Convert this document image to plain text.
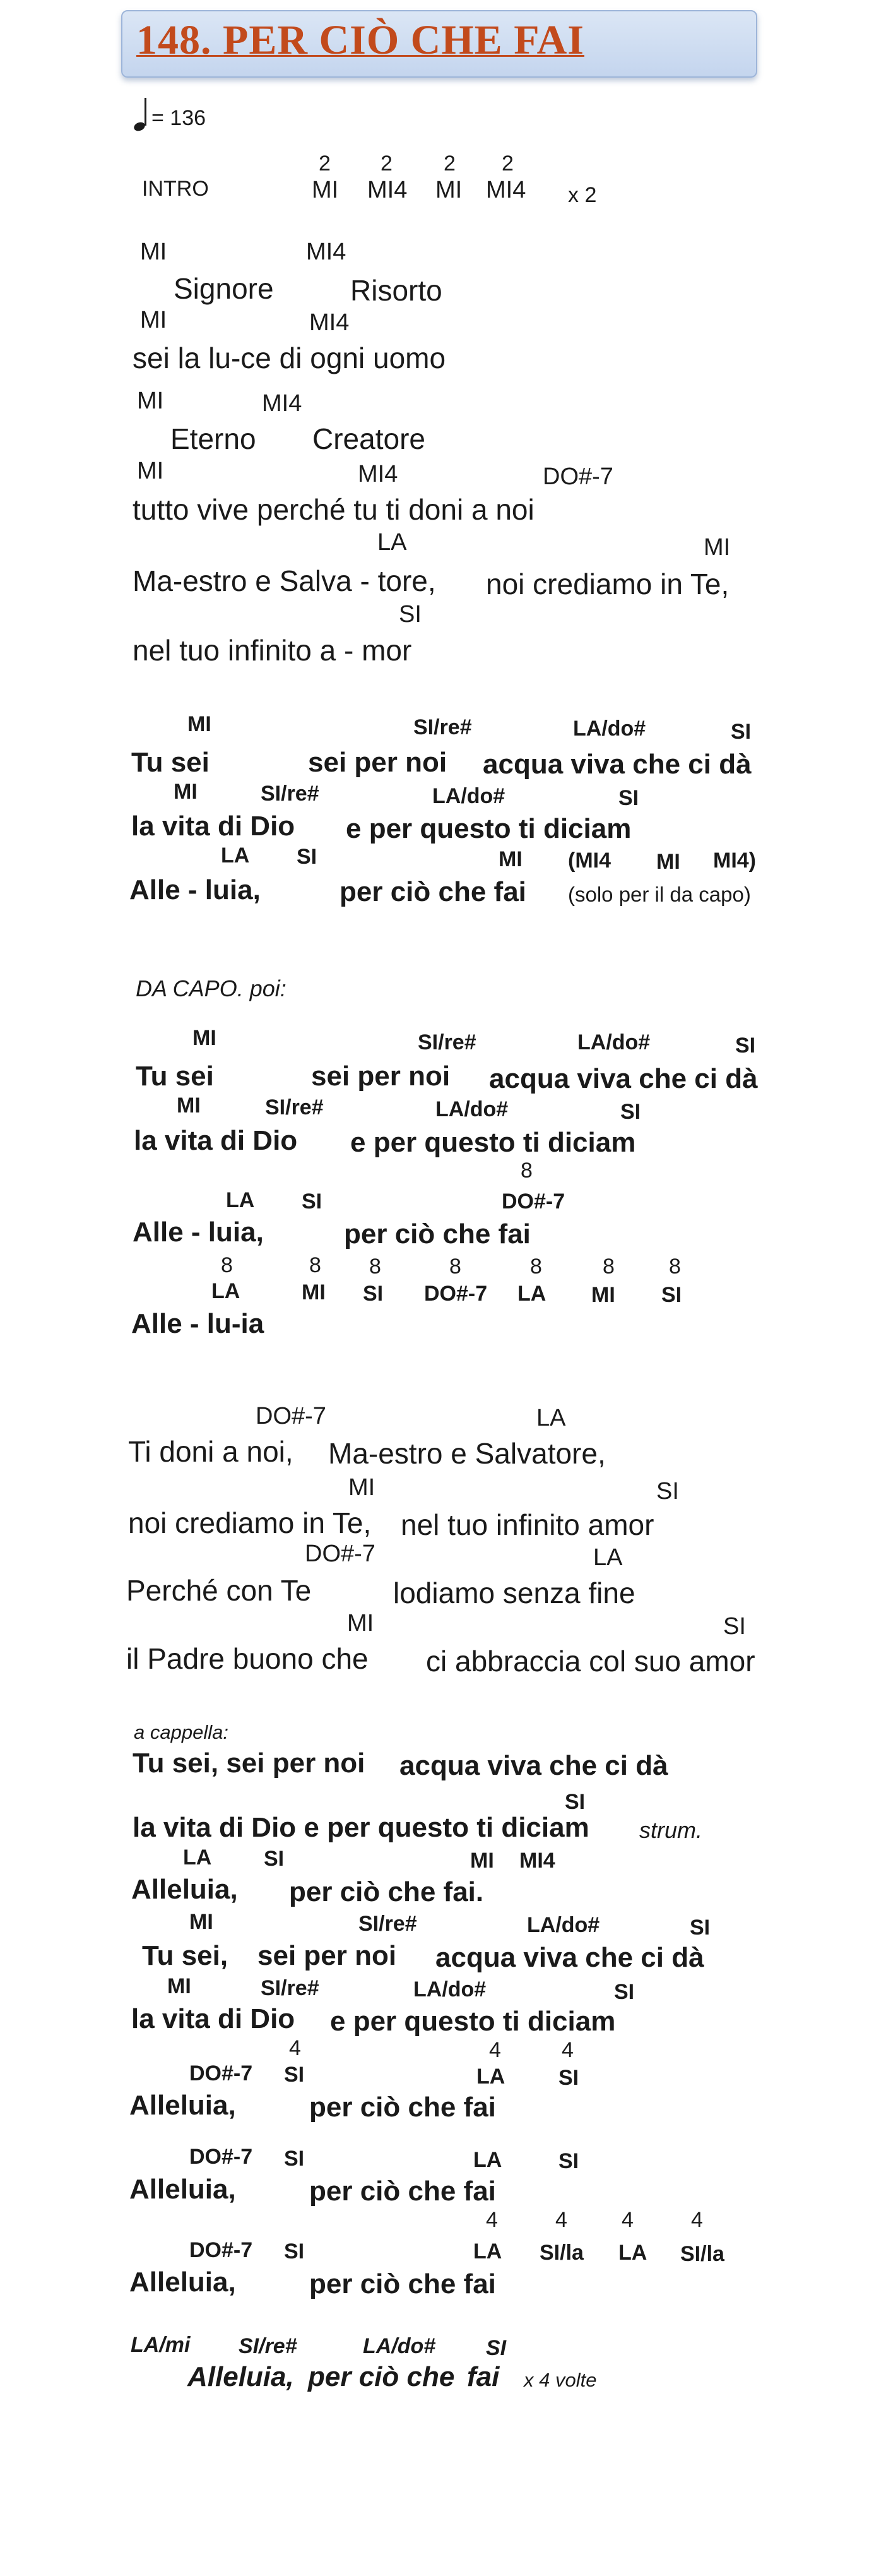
148. PER CIÒ CHE FAI
= 136
INTRO
2 2 2 2
MI MI4 MI MI4 x 2
MI	MI4
Signore	Risorto
MI	MI4
sei la lu-ce di ogni uomo
MI	MI4
Eterno Creatore
MI	MI4	DO#-7
tutto vive perché tu ti doni a noi
LA	MI
Ma-estro e Salva - tore, noi crediamo in Te,
SI
nel tuo infinito a - mor
MI	SI/re#	LA/do#	SI
Tu sei	sei per noi acqua viva che ci dà
MI	SI/re#	LA/do#	SI
la vita di Dio e per questo ti diciam
LA SI	MI (MI4 MI MI4)
Alle - luia,	per ciò che fai (solo per il da capo)
DA CAPO. poi:
MI	SI/re#	LA/do#	SI
Tu sei	sei per noi acqua viva che ci dà
MI	SI/re#	LA/do#	SI
la vita di Dio e per questo ti diciam
8
LA SI	DO#-7
Alle - luia,	per ciò che fai
8	8 8	8	8	8	8
LA	MI SI DO#-7 LA MI SI
Alle - lu-ia
DO#-7	LA
Ti doni a noi, Ma-estro e Salvatore,
MI	SI
noi crediamo in Te, nel tuo infinito amor
DO#-7	LA
Perché con Te	lodiamo senza fine
MI	SI
il Padre buono che ci abbraccia col suo amor
a cappella:
Tu sei, sei per noi acqua viva che ci dà
SI
la vita di Dio e per questo ti diciam strum.
LA SI	MI MI4
Alleluia, per ciò che fai.
MI	SI/re#	LA/do#	SI
Tu sei, sei per noi acqua viva che ci dà
MI	SI/re#	LA/do#	SI
la vita di Dio e per questo ti diciam
4	4	4
DO#-7 SI	LA SI
Alleluia,	per ciò che fai
DO#-7 SI	LA	SI
Alleluia,	per ciò che fai
4	4	4	4
DO#-7 SI	LA SI/la LA SI/la
Alleluia,	per ciò che fai
LA/mi SI/re#	LA/do# SI
Alleluia, per ciò che fai x 4 volte
